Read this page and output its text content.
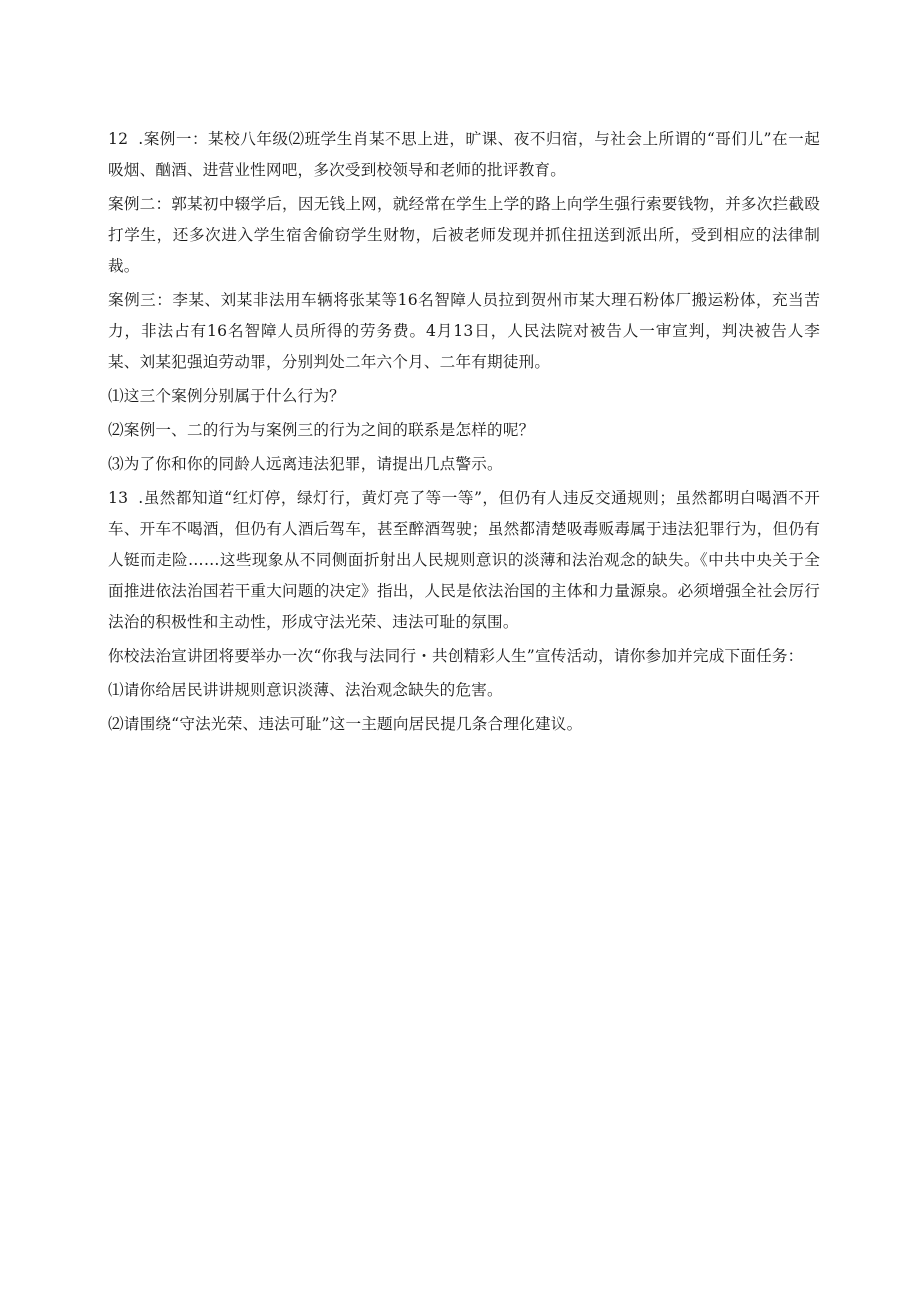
12 .案例一：某校八年级⑵班学生肖某不思上进，旷课、夜不归宿，与社会上所谓的“哥们儿”在一起吸烟、酗酒、进营业性网吧，多次受到校领导和老师的批评教育。

案例二：郭某初中辍学后，因无钱上网，就经常在学生上学的路上向学生强行索要钱物，并多次拦截殴打学生，还多次进入学生宿舍偷窃学生财物，后被老师发现并抓住扭送到派出所，受到相应的法律制裁。

案例三：李某、刘某非法用车辆将张某等16名智障人员拉到贺州市某大理石粉体厂搬运粉体，充当苦力，非法占有16名智障人员所得的劳务费。4月13日，人民法院对被告人一审宣判，判决被告人李某、刘某犯强迫劳动罪，分别判处二年六个月、二年有期徒刑。

⑴这三个案例分别属于什么行为？

⑵案例一、二的行为与案例三的行为之间的联系是怎样的呢？

⑶为了你和你的同龄人远离违法犯罪，请提出几点警示。

13 .虽然都知道“红灯停，绿灯行，黄灯亮了等一等”，但仍有人违反交通规则；虽然都明白喝酒不开车、开车不喝酒，但仍有人酒后驾车，甚至醉酒驾驶；虽然都清楚吸毒贩毒属于违法犯罪行为，但仍有人铤而走险……这些现象从不同侧面折射出人民规则意识的淡薄和法治观念的缺失。《中共中央关于全面推进依法治国若干重大问题的决定》指出，人民是依法治国的主体和力量源泉。必须增强全社会厉行法治的积极性和主动性，形成守法光荣、违法可耻的氛围。

你校法治宣讲团将要举办一次“你我与法同行・共创精彩人生”宣传活动，请你参加并完成下面任务：

⑴请你给居民讲讲规则意识淡薄、法治观念缺失的危害。

⑵请围绕“守法光荣、违法可耻”这一主题向居民提几条合理化建议。
